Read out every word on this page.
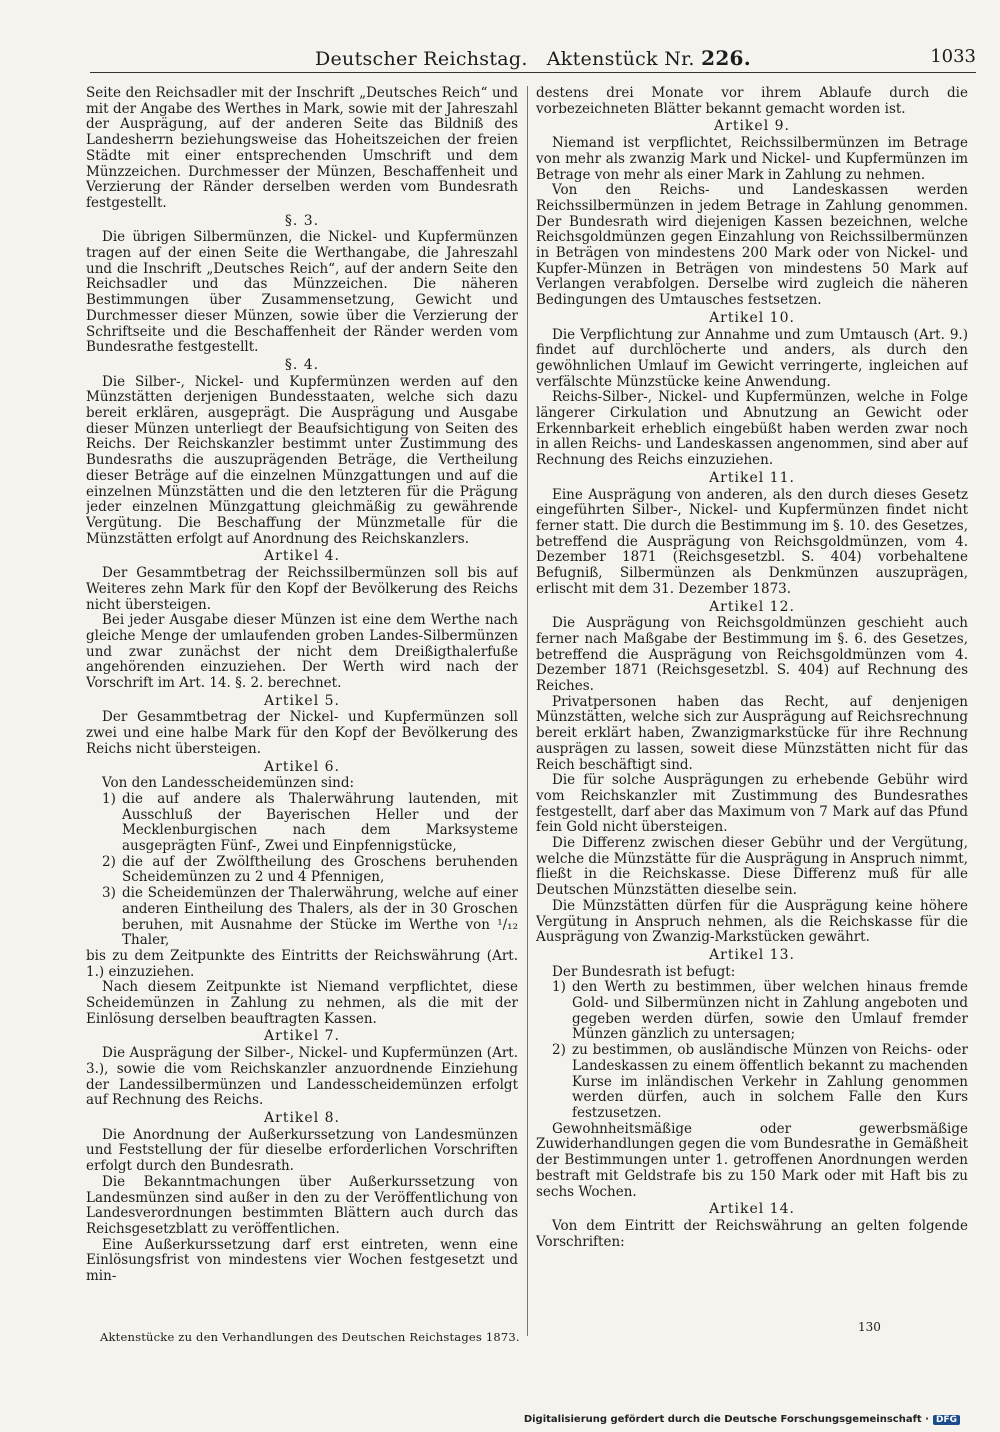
Deutscher Reichstag. Aktenstück Nr. 226.	1033

Seite den Reichsadler mit der Inschrift „Deutsches Reich“ und mit der Angabe des Werthes in Mark, sowie mit der Jahreszahl der Ausprägung, auf der anderen Seite das Bildniß des Landesherrn beziehungsweise das Hoheitszeichen der freien Städte mit einer entsprechenden Umschrift und dem Münzzeichen. Durchmesser der Münzen, Beschaffenheit und Verzierung der Ränder derselben werden vom Bundesrath festgestellt.

§. 3.

Die übrigen Silbermünzen, die Nickel- und Kupfermünzen tragen auf der einen Seite die Werthangabe, die Jahreszahl und die Inschrift „Deutsches Reich“, auf der andern Seite den Reichsadler und das Münzzeichen. Die näheren Bestimmungen über Zusammensetzung, Gewicht und Durchmesser dieser Münzen, sowie über die Verzierung der Schriftseite und die Beschaffenheit der Ränder werden vom Bundesrathe festgestellt.

§. 4.

Die Silber-, Nickel- und Kupfermünzen werden auf den Münzstätten derjenigen Bundesstaaten, welche sich dazu bereit erklären, ausgeprägt. Die Ausprägung und Ausgabe dieser Münzen unterliegt der Beaufsichtigung von Seiten des Reichs. Der Reichskanzler bestimmt unter Zustimmung des Bundesraths die auszuprägenden Beträge, die Vertheilung dieser Beträge auf die einzelnen Münzgattungen und auf die einzelnen Münzstätten und die den letzteren für die Prägung jeder einzelnen Münzgattung gleichmäßig zu gewährende Vergütung. Die Beschaffung der Münzmetalle für die Münzstätten erfolgt auf Anordnung des Reichskanzlers.

Artikel 4.

Der Gesammtbetrag der Reichssilbermünzen soll bis auf Weiteres zehn Mark für den Kopf der Bevölkerung des Reichs nicht übersteigen.

Bei jeder Ausgabe dieser Münzen ist eine dem Werthe nach gleiche Menge der umlaufenden groben Landes-Silbermünzen und zwar zunächst der nicht dem Dreißigthalerfuße angehörenden einzuziehen. Der Werth wird nach der Vorschrift im Art. 14. §. 2. berechnet.

Artikel 5.

Der Gesammtbetrag der Nickel- und Kupfermünzen soll zwei und eine halbe Mark für den Kopf der Bevölkerung des Reichs nicht übersteigen.

Artikel 6.

Von den Landesscheidemünzen sind:

1) die auf andere als Thalerwährung lautenden, mit Ausschluß der Bayerischen Heller und der Mecklenburgischen nach dem Marksysteme ausgeprägten Fünf-, Zwei und Einpfennigstücke,
2) die auf der Zwölftheilung des Groschens beruhenden Scheidemünzen zu 2 und 4 Pfennigen,
3) die Scheidemünzen der Thalerwährung, welche auf einer anderen Eintheilung des Thalers, als der in 30 Groschen beruhen, mit Ausnahme der Stücke im Werthe von ¹/₁₂ Thaler,

bis zu dem Zeitpunkte des Eintritts der Reichswährung (Art. 1.) einzuziehen.

Nach diesem Zeitpunkte ist Niemand verpflichtet, diese Scheidemünzen in Zahlung zu nehmen, als die mit der Einlösung derselben beauftragten Kassen.

Artikel 7.

Die Ausprägung der Silber-, Nickel- und Kupfermünzen (Art. 3.), sowie die vom Reichskanzler anzuordnende Einziehung der Landessilbermünzen und Landesscheidemünzen erfolgt auf Rechnung des Reichs.

Artikel 8.

Die Anordnung der Außerkurssetzung von Landesmünzen und Feststellung der für dieselbe erforderlichen Vorschriften erfolgt durch den Bundesrath.

Die Bekanntmachungen über Außerkurssetzung von Landesmünzen sind außer in den zu der Veröffentlichung von Landesverordnungen bestimmten Blättern auch durch das Reichsgesetzblatt zu veröffentlichen.

Eine Außerkurssetzung darf erst eintreten, wenn eine Einlösungsfrist von mindestens vier Wochen festgesetzt und min-

destens drei Monate vor ihrem Ablaufe durch die vorbezeichneten Blätter bekannt gemacht worden ist.

Artikel 9.

Niemand ist verpflichtet, Reichssilbermünzen im Betrage von mehr als zwanzig Mark und Nickel- und Kupfermünzen im Betrage von mehr als einer Mark in Zahlung zu nehmen.

Von den Reichs- und Landeskassen werden Reichssilbermünzen in jedem Betrage in Zahlung genommen. Der Bundesrath wird diejenigen Kassen bezeichnen, welche Reichsgoldmünzen gegen Einzahlung von Reichssilbermünzen in Beträgen von mindestens 200 Mark oder von Nickel- und Kupfer-Münzen in Beträgen von mindestens 50 Mark auf Verlangen verabfolgen. Derselbe wird zugleich die näheren Bedingungen des Umtausches festsetzen.

Artikel 10.

Die Verpflichtung zur Annahme und zum Umtausch (Art. 9.) findet auf durchlöcherte und anders, als durch den gewöhnlichen Umlauf im Gewicht verringerte, ingleichen auf verfälschte Münzstücke keine Anwendung.

Reichs-Silber-, Nickel- und Kupfermünzen, welche in Folge längerer Cirkulation und Abnutzung an Gewicht oder Erkennbarkeit erheblich eingebüßt haben werden zwar noch in allen Reichs- und Landeskassen angenommen, sind aber auf Rechnung des Reichs einzuziehen.

Artikel 11.

Eine Ausprägung von anderen, als den durch dieses Gesetz eingeführten Silber-, Nickel- und Kupfermünzen findet nicht ferner statt. Die durch die Bestimmung im §. 10. des Gesetzes, betreffend die Ausprägung von Reichsgoldmünzen, vom 4. Dezember 1871 (Reichsgesetzbl. S. 404) vorbehaltene Befugniß, Silbermünzen als Denkmünzen auszuprägen, erlischt mit dem 31. Dezember 1873.

Artikel 12.

Die Ausprägung von Reichsgoldmünzen geschieht auch ferner nach Maßgabe der Bestimmung im §. 6. des Gesetzes, betreffend die Ausprägung von Reichsgoldmünzen vom 4. Dezember 1871 (Reichsgesetzbl. S. 404) auf Rechnung des Reiches.

Privatpersonen haben das Recht, auf denjenigen Münzstätten, welche sich zur Ausprägung auf Reichsrechnung bereit erklärt haben, Zwanzigmarkstücke für ihre Rechnung ausprägen zu lassen, soweit diese Münzstätten nicht für das Reich beschäftigt sind.

Die für solche Ausprägungen zu erhebende Gebühr wird vom Reichskanzler mit Zustimmung des Bundesrathes festgestellt, darf aber das Maximum von 7 Mark auf das Pfund fein Gold nicht übersteigen.

Die Differenz zwischen dieser Gebühr und der Vergütung, welche die Münzstätte für die Ausprägung in Anspruch nimmt, fließt in die Reichskasse. Diese Differenz muß für alle Deutschen Münzstätten dieselbe sein.

Die Münzstätten dürfen für die Ausprägung keine höhere Vergütung in Anspruch nehmen, als die Reichskasse für die Ausprägung von Zwanzig-Markstücken gewährt.

Artikel 13.

Der Bundesrath ist befugt:

1) den Werth zu bestimmen, über welchen hinaus fremde Gold- und Silbermünzen nicht in Zahlung angeboten und gegeben werden dürfen, sowie den Umlauf fremder Münzen gänzlich zu untersagen;
2) zu bestimmen, ob ausländische Münzen von Reichs- oder Landeskassen zu einem öffentlich bekannt zu machenden Kurse im inländischen Verkehr in Zahlung genommen werden dürfen, auch in solchem Falle den Kurs festzusetzen.

Gewohnheitsmäßige oder gewerbsmäßige Zuwiderhandlungen gegen die vom Bundesrathe in Gemäßheit der Bestimmungen unter 1. getroffenen Anordnungen werden bestraft mit Geldstrafe bis zu 150 Mark oder mit Haft bis zu sechs Wochen.

Artikel 14.

Von dem Eintritt der Reichswährung an gelten folgende Vorschriften:

Aktenstücke zu den Verhandlungen des Deutschen Reichstages 1873.
130
Digitalisierung gefördert durch die Deutsche Forschungsgemeinschaft · DFG
